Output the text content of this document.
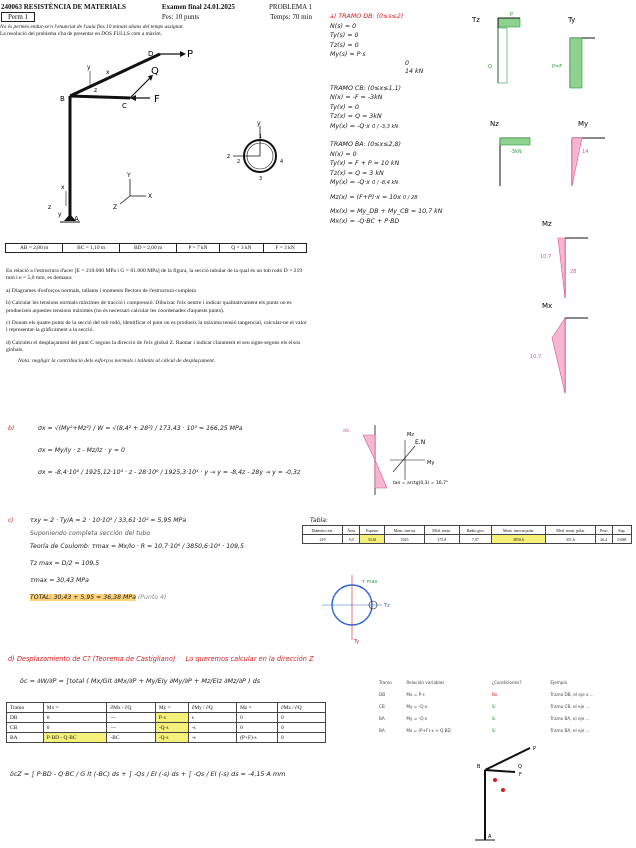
240063 RESISTÈNCIA DE MATERIALS	Examen final 24.01.2025	PROBLEMA 1
Perm 1	Pes: 10 punts	Temps: 70 min
No és permès endur-se'n l'enunciat de l'aula fins 10 minuts abans del temps assignat.
La resolució del problema s'ha de presentar en DOS FULLS com a màxim.
P
Q
F
A
B
C
D
y
x
z
x
z
y
Y
X
Z
y
z
1
2
3
4
AB = 2,80 m	BC = 1,10 m	BD = 2,00 m	P = 7 kN	Q = 3 kN	F = 3 kN

En relació a l'estructura d'acer [E = 210.000 MPa i G = 81.000 MPa] de la figura, la secció tubular de la qual és un tub rodó D = 219 mm i e = 5,0 mm, es demana:

a) Diagrames d'esforços normals, tallants i moments flectors de l'estructura completa

b) Calcular les tensions normals màximes de tracció i compressió. Dibuixar l'eix neutre i indicar qualitativament els punts on es produeixen aquestes tensions màximes (no és necessari calcular les coordenades d'aquests punts).

c) Donats els quatre punts de la secció del tub rodó, identificar el punt on es produeix la màxima tensió tangencial, calcular-ne el valor i representar-la gràficament a la secció.

d) Calculeu el desplaçament del punt C segons la direcció de l'eix global Z. Raonar i indicar clarament el seu signe segons els eixos globals.

Nota: negligir la contribució dels esforços normals i tallants al càlcul de desplaçament.

a) TRAMO DB: (0≤s≤2)
N(s) = 0
Ty(s) = 0
Tz(s) = 0
My(s) = P·s
0
14 kN
TRAMO CB: (0≤x≤1,1)
N(x) = -F = -3kN
Ty(x) = 0
Tz(x) = Q = 3kN
My(x) = -Q·x 0 / -3,3 kN
TRAMO BA: (0≤x≤2,8)
N(x) = 0
Ty(x) = F + P = 10 kN
Tz(x) = Q = 3 kN
My(x) = -Q·x 0 / -8,4 kN
Mz(x) = (F+P)·x = 10x 0 / 28
Mx(x) = My_DB + My_CB = 10,7 kN
Mx(x) = -Q·BC + P·BD
Tz
P
Q
Ty
P=F
Nz
-3kN
My
14
Mz
10,7
Mx
10,7
28
b)	σx = √(My²+Mz²) / W = √(8,4² + 28²) / 173,43 · 10³ = 166,25 MPa
σx = My/Iy · z - Mz/Iz · y = 0
σx = -8,4·10⁶ / 1925,12·10⁴ · z - 28·10⁶ / 1925,3·10⁴ · y → y = -8,4z - 28y → y = -0,3z
σx
E.N
My
Mz
tan = arctg(0,3) = 16,7°
c)	τxy = 2 · Ty/A = 2 · 10·10³ / 33,61·10² = 5,95 MPa
Suponiendo completa sección del tubo
Teoría de Coulomb: τmax = Mx/Io · R = 10,7·10⁶ / 3850,6·10⁴ · 109,5
Tz max = D/2 = 109,5
τmax = 30,43 MPa
TOTAL: 30,43 + 5,95 = 36,38 MPa (Punto 4)
Tabla:
Diámetro ext.	Área	Espesor	Mom. inercia	Mód. resist.	Radio giro	Mom. inercia polar	Mód. resist. polar	Peso	Sup.
219	5,0	33,61	1925	175,8	7,57	3850,6	351,6	26,4	0,688
τ max
Tz
Ty
d) Desplazamiento de C? (Teorema de Castigliano) Lo queremos calcular en la dirección Z
δc = ∂W/∂P = ∫total ( Mx/GIt ∂Mx/∂P + My/EIy ∂My/∂P + Mz/EIz ∂Mz/∂P ) ds
Tramo	Mx =	∂Mx / ∂Q	My =	∂My / ∂Q	Mz =	∂Mz / ∂Q
DB	0	—	P·s	s	0	0
CB	0	—	-Q·s	-s	0	0
BA	P·BD - Q·BC	-BC	-Q·s	-s	(P+F)·s	0
δcZ = ∫ P·BD - Q·BC / G It (-BC) ds + ∫ -Qs / EI (-s) ds + ∫ -Qs / EI (-s) ds = -4,15·A mm
Tramo	Relación variables	¿Condiciones?	Ejemplo
DB	Mx = P·s	No	Tramo DB, el eje x ...
CB	My = -Q·x	Sí	Tramo CB, el eje ...
BA	My = -Q·x	Sí	Tramo BA, el eje ...
BA	Mz = (P+F)·x + Q·BD	Sí	Tramo BA, el eje ...
P
Q
F
A
B
